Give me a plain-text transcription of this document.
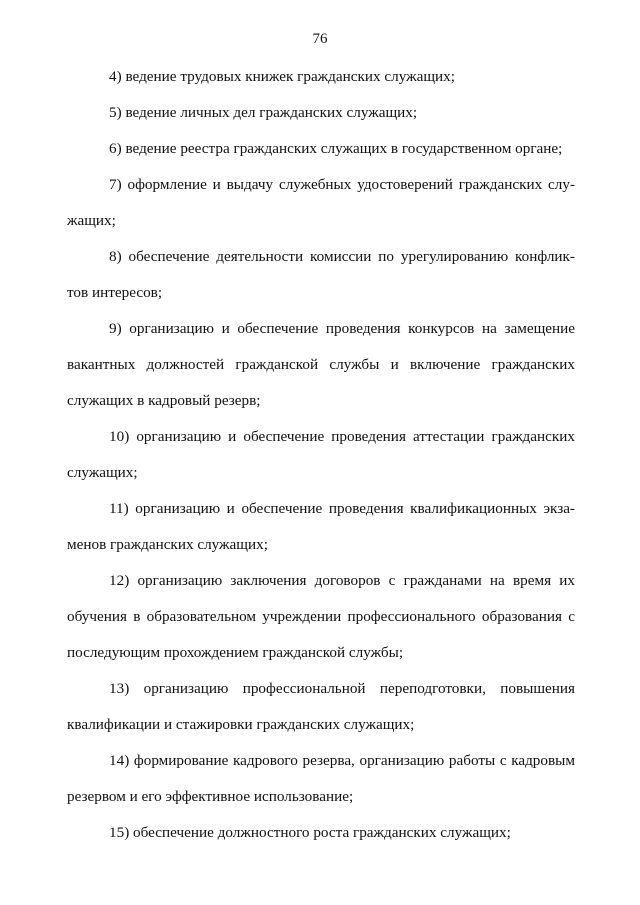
76

4) ведение трудовых книжек гражданских служащих;

5) ведение личных дел гражданских служащих;

6) ведение реестра гражданских служащих в государственном органе;

7) оформление и выдачу служебных удостоверений гражданских слу-
жащих;

8) обеспечение деятельности комиссии по урегулированию конфлик-
тов интересов;

9) организацию и обеспечение проведения конкурсов на замещение
вакантных должностей гражданской службы и включение гражданских
служащих в кадровый резерв;

10) организацию и обеспечение проведения аттестации гражданских
служащих;

11) организацию и обеспечение проведения квалификационных экза-
менов гражданских служащих;

12) организацию заключения договоров с гражданами на время их
обучения в образовательном учреждении профессионального образования с
последующим прохождением гражданской службы;

13) организацию профессиональной переподготовки, повышения
квалификации и стажировки гражданских служащих;

14) формирование кадрового резерва, организацию работы с кадровым
резервом и его эффективное использование;

15) обеспечение должностного роста гражданских служащих;
